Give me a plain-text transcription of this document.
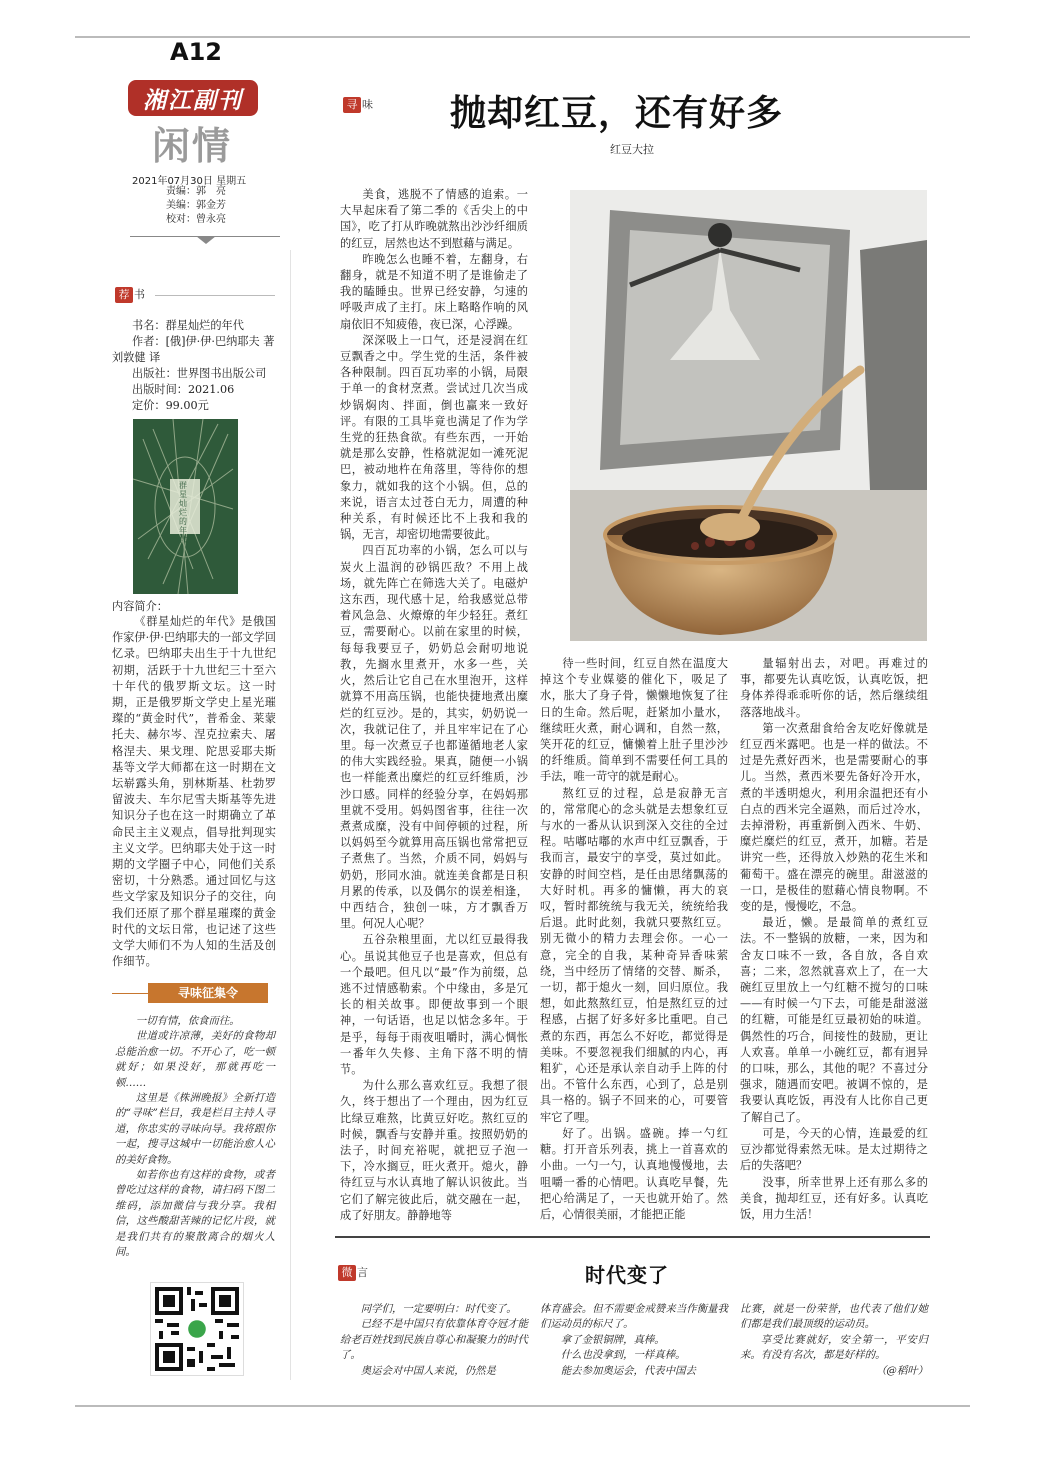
A12
湘江副刊
闲情
2021年07月30日 星期五
责编：郭　亮
美编：郭金芳
校对：曾永亮
荐 书
书名：群星灿烂的年代
作者：[俄]伊·伊·巴纳耶夫 著 刘敦健 译
出版社：世界图书出版公司
出版时间：2021.06
定价：99.00元
群星灿烂的年代
内容简介：

《群星灿烂的年代》是俄国作家伊·伊·巴纳耶夫的一部文学回忆录。巴纳耶夫出生于十九世纪初期，活跃于十九世纪三十至六十年代的俄罗斯文坛。这一时期，正是俄罗斯文学史上星光璀璨的“黄金时代”，普希金、莱蒙托夫、赫尔岑、涅克拉索夫、屠格涅夫、果戈理、陀思妥耶夫斯基等文学大师都在这一时期在文坛崭露头角，别林斯基、杜勃罗留波夫、车尔尼雪夫斯基等先进知识分子也在这一时期确立了革命民主主义观点，倡导批判现实主义文学。巴纳耶夫处于这一时期的文学圈子中心，同他们关系密切，十分熟悉。通过回忆与这些文学家及知识分子的交往，向我们还原了那个群星璀璨的黄金时代的文坛日常，也记述了这些文学大师们不为人知的生活及创作细节。

寻味征集令

一切有情，依食而往。

世道或许凉薄，美好的食物却总能治愈一切。不开心了，吃一顿就好；如果没好，那就再吃一顿……

这里是《株洲晚报》全新打造的“寻味”栏目，我是栏目主持人寻道，你忠实的寻味向导。我将跟你一起，搜寻这城中一切能治愈人心的美好食物。

如若你也有这样的食物，或者曾吃过这样的食物，请扫码下图二维码，添加微信与我分享。我相信，这些酸甜苦辣的记忆片段，就是我们共有的聚散离合的烟火人间。

寻 味 抛却红豆，还有好多
红豆大拉

美食，逃脱不了情感的追索。一大早起床看了第二季的《舌尖上的中国》，吃了打从昨晚就熬出沙沙纤细质的红豆，居然也达不到慰藉与满足。

昨晚怎么也睡不着，左翻身，右翻身，就是不知道不明了是谁偷走了我的瞌睡虫。世界已经安静，匀速的呼吸声成了主打。床上略略作响的风扇依旧不知疲倦，夜已深，心浮躁。

深深吸上一口气，还是浸润在红豆飘香之中。学生党的生活，条件被各种限制。四百瓦功率的小锅，局限于单一的食材烹煮。尝试过几次当成炒锅焖肉、拌面，倒也赢来一致好评。有限的工具毕竟也满足了作为学生党的狂热食欲。有些东西，一开始就是那么安静，性格就泥如一滩死泥巴，被动地杵在角落里，等待你的想象力，就如我的这个小锅。但，总的来说，语言太过苍白无力，周遭的种种关系，有时候还比不上我和我的锅，无言，却密切地需要彼此。

四百瓦功率的小锅，怎么可以与炭火上温润的砂锅匹敌？不用上战场，就先阵亡在筛选大关了。电磁炉这东西，现代感十足，给我感觉总带着风急急、火燎燎的年少轻狂。煮红豆，需要耐心。以前在家里的时候，每每我要豆子，奶奶总会耐叨地说教，先搁水里煮开，水多一些，关火，然后让它自己在水里泡开，这样就算不用高压锅，也能快捷地煮出糜烂的红豆沙。是的，其实，奶奶说一次，我就记住了，并且牢牢记在了心里。每一次煮豆子也都谨循地老人家的伟大实践经验。果真，随便一小锅也一样能煮出糜烂的红豆纤维质，沙沙口感。同样的经验分享，在妈妈那里就不受用。妈妈图省事，往往一次煮煮成糜，没有中间停顿的过程，所以妈妈至今就算用高压锅也常常把豆子煮焦了。当然，介质不同，妈妈与奶奶，形同水油。就连美食都是日积月累的传承，以及偶尔的误差相逢，中西结合，独创一味，方才飘香万里。何况人心呢？

五谷杂粮里面，尤以红豆最得我心。虽说其他豆子也是喜欢，但总有一个最吧。但凡以“最”作为前缀，总逃不过情感勒索。个中缘由，多是冗长的相关故事。即便故事到一个眼神，一句话语，也足以惦念多年。于是乎，每每于雨夜咀嚼时，满心惆怅一番年久失修、主角下落不明的情节。

为什么那么喜欢红豆。我想了很久，终于想出了一个理由，因为红豆比绿豆难熬，比黄豆好吃。熬红豆的时候，飘香与安静并重。按照奶奶的法子，时间充裕呢，就把豆子泡一下，冷水搁豆，旺火煮开。熄火，静待红豆与水认真地了解认识彼此。当它们了解完彼此后，就交融在一起，成了好朋友。静静地等

待一些时间，红豆自然在温度大掉这个专业媒婆的催化下，吸足了水，胀大了身子骨，懒懒地恢复了往日的生命。然后呢，赶紧加小量水，继续旺火煮，耐心调和，自然一熬，笑开花的红豆，慵懒着上肚子里沙沙的纤维质。简单到不需要任何工具的手法，唯一苛守的就是耐心。

熬红豆的过程，总是寂静无言的，常常爬心的念头就是去想象红豆与水的一番从认识到深入交往的全过程。咕嘟咕嘟的水声中红豆飘香，于我而言，最安宁的享受，莫过如此。安静的时间空档，是任由思绪飘荡的大好时机。再多的慵懒，再大的哀叹，暂时都统统与我无关，统统给我后退。此时此刻，我就只要熬红豆。别无微小的精力去理会你。一心一意，完全的自我，某种奇异香味萦绕，当中经历了情绪的交替、厮杀，一切，都于熄火一刻，回归原位。我想，如此熬熬红豆，怕是熬红豆的过程感，占据了好多好多比重吧。自己煮的东西，再怎么不好吃，都觉得是美味。不要忽视我们细腻的内心，再粗犷，心还是承认亲自动手上阵的付出。不管什么东西，心到了，总是别具一格的。锅子不回来的心，可要管牢它了哩。

好了。出锅。盛碗。捧一勺红糖。打开音乐列表，挑上一首喜欢的小曲。一勺一勺，认真地慢慢地，去咀嚼一番的心情吧。认真吃早餐，先把心给满足了，一天也就开始了。然后，心情很美丽，才能把正能

量辐射出去，对吧。再难过的事，都要先认真吃饭，认真吃饭，把身体养得乖乖听你的话，然后继续组落落地战斗。

第一次煮甜食给舍友吃好像就是红豆西米露吧。也是一样的做法。不过是先煮好西米，也是需要耐心的事儿。当然，煮西米要先备好冷开水，煮的半透明熄火，利用余温把还有小白点的西米完全逼熟，而后过冷水，去掉滑粉，再重新倒入西米、牛奶、糜烂糜烂的红豆，煮开，加糖。若是讲究一些，还得放入炒熟的花生米和葡萄干。盛在漂亮的碗里。甜滋滋的一口，是极佳的慰藉心情良物啊。不变的是，慢慢吃，不急。

最近，懒。是最简单的煮红豆法。不一整锅的放糖，一来，因为和舍友口味不一致，各自放，各自欢喜；二来，忽然就喜欢上了，在一大碗红豆里放上一勺红糖不搅匀的口味——有时候一勺下去，可能是甜滋滋的红糖，可能是红豆最初始的味道。偶然性的巧合，间接性的鼓励，更让人欢喜。单单一小碗红豆，都有迥异的口味，那么，其他的呢？不喜过分强求，随遇而安吧。被调不惊的，是我要认真吃饭，再没有人比你自己更了解自己了。

可是，今天的心情，连最爱的红豆沙都觉得索然无味。是太过期待之后的失落吧？

没事，所幸世界上还有那么多的美食，抛却红豆，还有好多。认真吃饭，用力生活！

微 言	时代变了

同学们，一定要明白：时代变了。

已经不是中国只有依靠体育夺冠才能给老百姓找到民族自尊心和凝聚力的时代了。

奥运会对中国人来说，仍然是

体育盛会。但不需要金戒赞来当作衡量我们运动员的标尺了。

拿了金银铜牌，真棒。

什么也没拿到，一样真棒。

能去参加奥运会，代表中国去

比赛，就是一份荣誉，也代表了他们/她们都是我们最顶级的运动员。

享受比赛就好，安全第一，平安归来。有没有名次，都是好样的。

（@稻叶）
